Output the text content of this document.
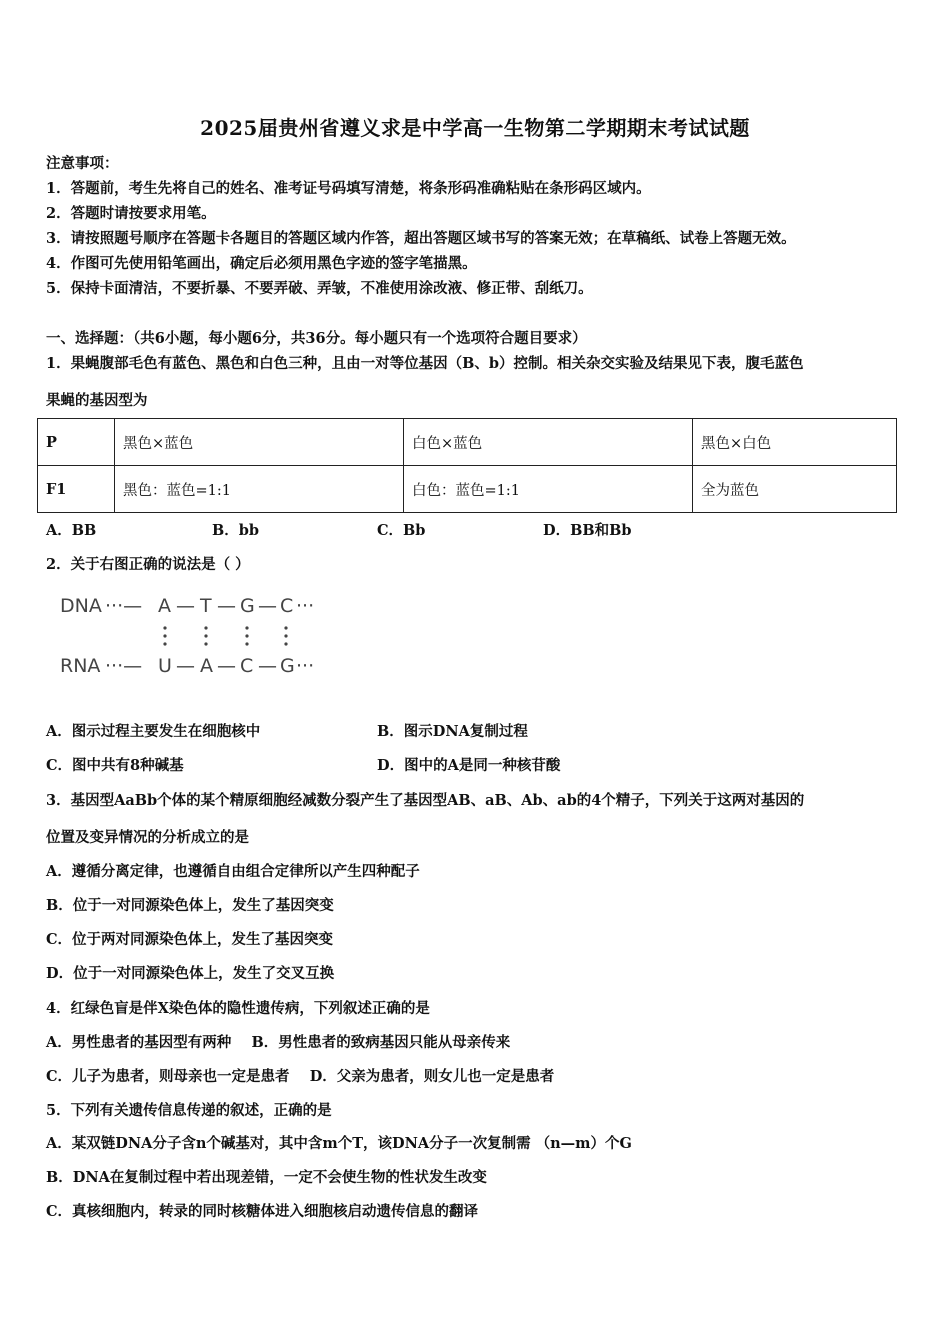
2025届贵州省遵义求是中学高一生物第二学期期末考试试题
注意事项：
1．答题前，考生先将自己的姓名、准考证号码填写清楚，将条形码准确粘贴在条形码区域内。
2．答题时请按要求用笔。
3．请按照题号顺序在答题卡各题目的答题区域内作答，超出答题区域书写的答案无效；在草稿纸、试卷上答题无效。
4．作图可先使用铅笔画出，确定后必须用黑色字迹的签字笔描黑。
5．保持卡面清洁，不要折暴、不要弄破、弄皱，不准使用涂改液、修正带、刮纸刀。
一、选择题：（共6小题，每小题6分，共36分。每小题只有一个选项符合题目要求）
1．果蝇腹部毛色有蓝色、黑色和白色三种，且由一对等位基因（B、b）控制。相关杂交实验及结果见下表，腹毛蓝色
果蝇的基因型为
P	黑色×蓝色	白色×蓝色	黑色×白色
F1	黑色：蓝色=1:1	白色：蓝色=1:1	全为蓝色
A．BB	B．bb	C．Bb	D．BB和Bb
2．关于右图正确的说法是（ ）
DNA ···— A — T — G — C ···
RNA ···— U — A — C — G ···
A．图示过程主要发生在细胞核中	B．图示DNA复制过程
C．图中共有8种碱基	D．图中的A是同一种核苷酸
3．基因型AaBb个体的某个精原细胞经减数分裂产生了基因型AB、aB、Ab、ab的4个精子，下列关于这两对基因的
位置及变异情况的分析成立的是
A．遵循分离定律，也遵循自由组合定律所以产生四种配子
B．位于一对同源染色体上，发生了基因突变
C．位于两对同源染色体上，发生了基因突变
D．位于一对同源染色体上，发生了交叉互换
4．红绿色盲是伴X染色体的隐性遗传病，下列叙述正确的是
A．男性患者的基因型有两种    B．男性患者的致病基因只能从母亲传来
C．儿子为患者，则母亲也一定是患者    D．父亲为患者，则女儿也一定是患者
5．下列有关遗传信息传递的叙述，正确的是
A．某双链DNA分子含n个碱基对，其中含m个T，该DNA分子一次复制需 （n—m）个G
B．DNA在复制过程中若出现差错，一定不会使生物的性状发生改变
C．真核细胞内，转录的同时核糖体进入细胞核启动遗传信息的翻译
